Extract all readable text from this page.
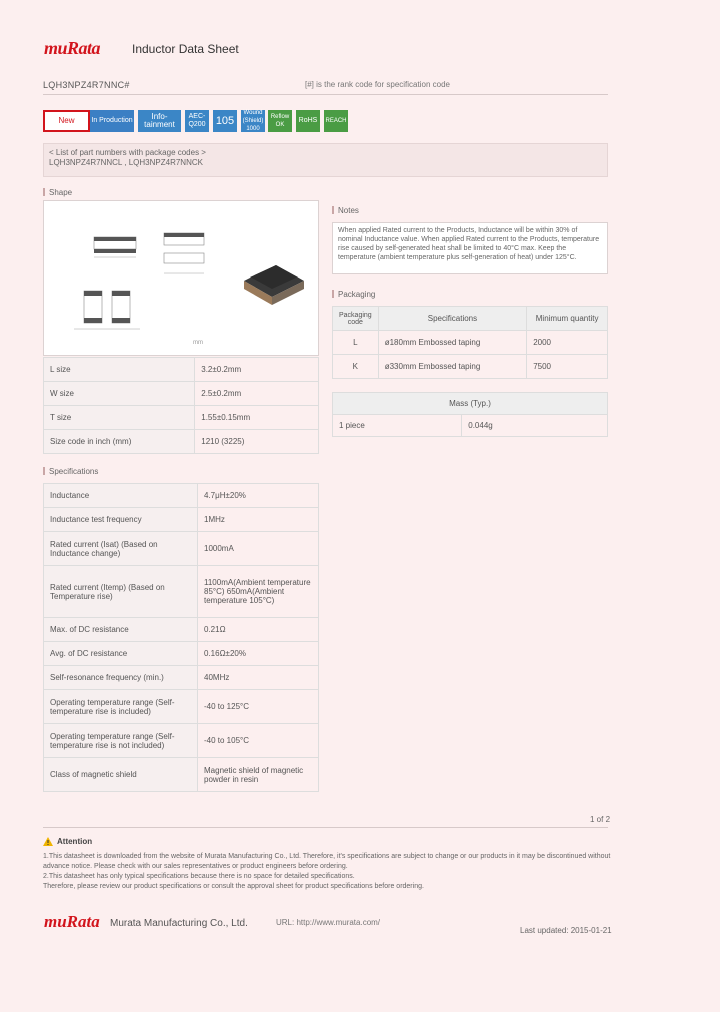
muRata	Inductor Data Sheet
LQH3NPZ4R7NNC#	[#] is the rank code for specification code
New	In Production	Info-tainment
AEC-Q200 105
Wound (Shield) 1000
Reflow OK
RoHS	REACH
< List of part numbers with package codes >
LQH3NPZ4R7NNCL , LQH3NPZ4R7NNCK
Shape
mm
L size	3.2±0.2mm
W size	2.5±0.2mm
T size	1.55±0.15mm
Size code in inch (mm)	1210 (3225)
Notes
When applied Rated current to the Products, Inductance will be within 30% of nominal Inductance value. When applied Rated current to the Products, temperature rise caused by self-generated heat shall be limited to 40°C max. Keep the temperature (ambient temperature plus self-generation of heat) under 125°C.
Packaging
Packaging code	Specifications	Minimum quantity
L	ø180mm Embossed taping	2000
K	ø330mm Embossed taping	7500
Mass (Typ.)
1 piece	0.044g
Specifications
Inductance	4.7μH±20%
Inductance test frequency	1MHz
Rated current (Isat) (Based on Inductance change)	1000mA
Rated current (Itemp) (Based on Temperature rise)	1100mA(Ambient temperature 85°C) 650mA(Ambient temperature 105°C)
Max. of DC resistance	0.21Ω
Avg. of DC resistance	0.16Ω±20%
Self-resonance frequency (min.)	40MHz
Operating temperature range (Self-temperature rise is included)	-40 to 125°C
Operating temperature range (Self-temperature rise is not included)	-40 to 105°C
Class of magnetic shield	Magnetic shield of magnetic powder in resin
1 of 2
Attention
1.This datasheet is downloaded from the website of Murata Manufacturing Co., Ltd. Therefore, it's specifications are subject to change or our products in it may be discontinued without advance notice. Please check with our sales representatives or product engineers before ordering.
2.This datasheet has only typical specifications because there is no space for detailed specifications.
Therefore, please review our product specifications or consult the approval sheet for product specifications before ordering.
muRata Murata Manufacturing Co., Ltd.	URL: http://www.murata.com/
Last updated: 2015-01-21
